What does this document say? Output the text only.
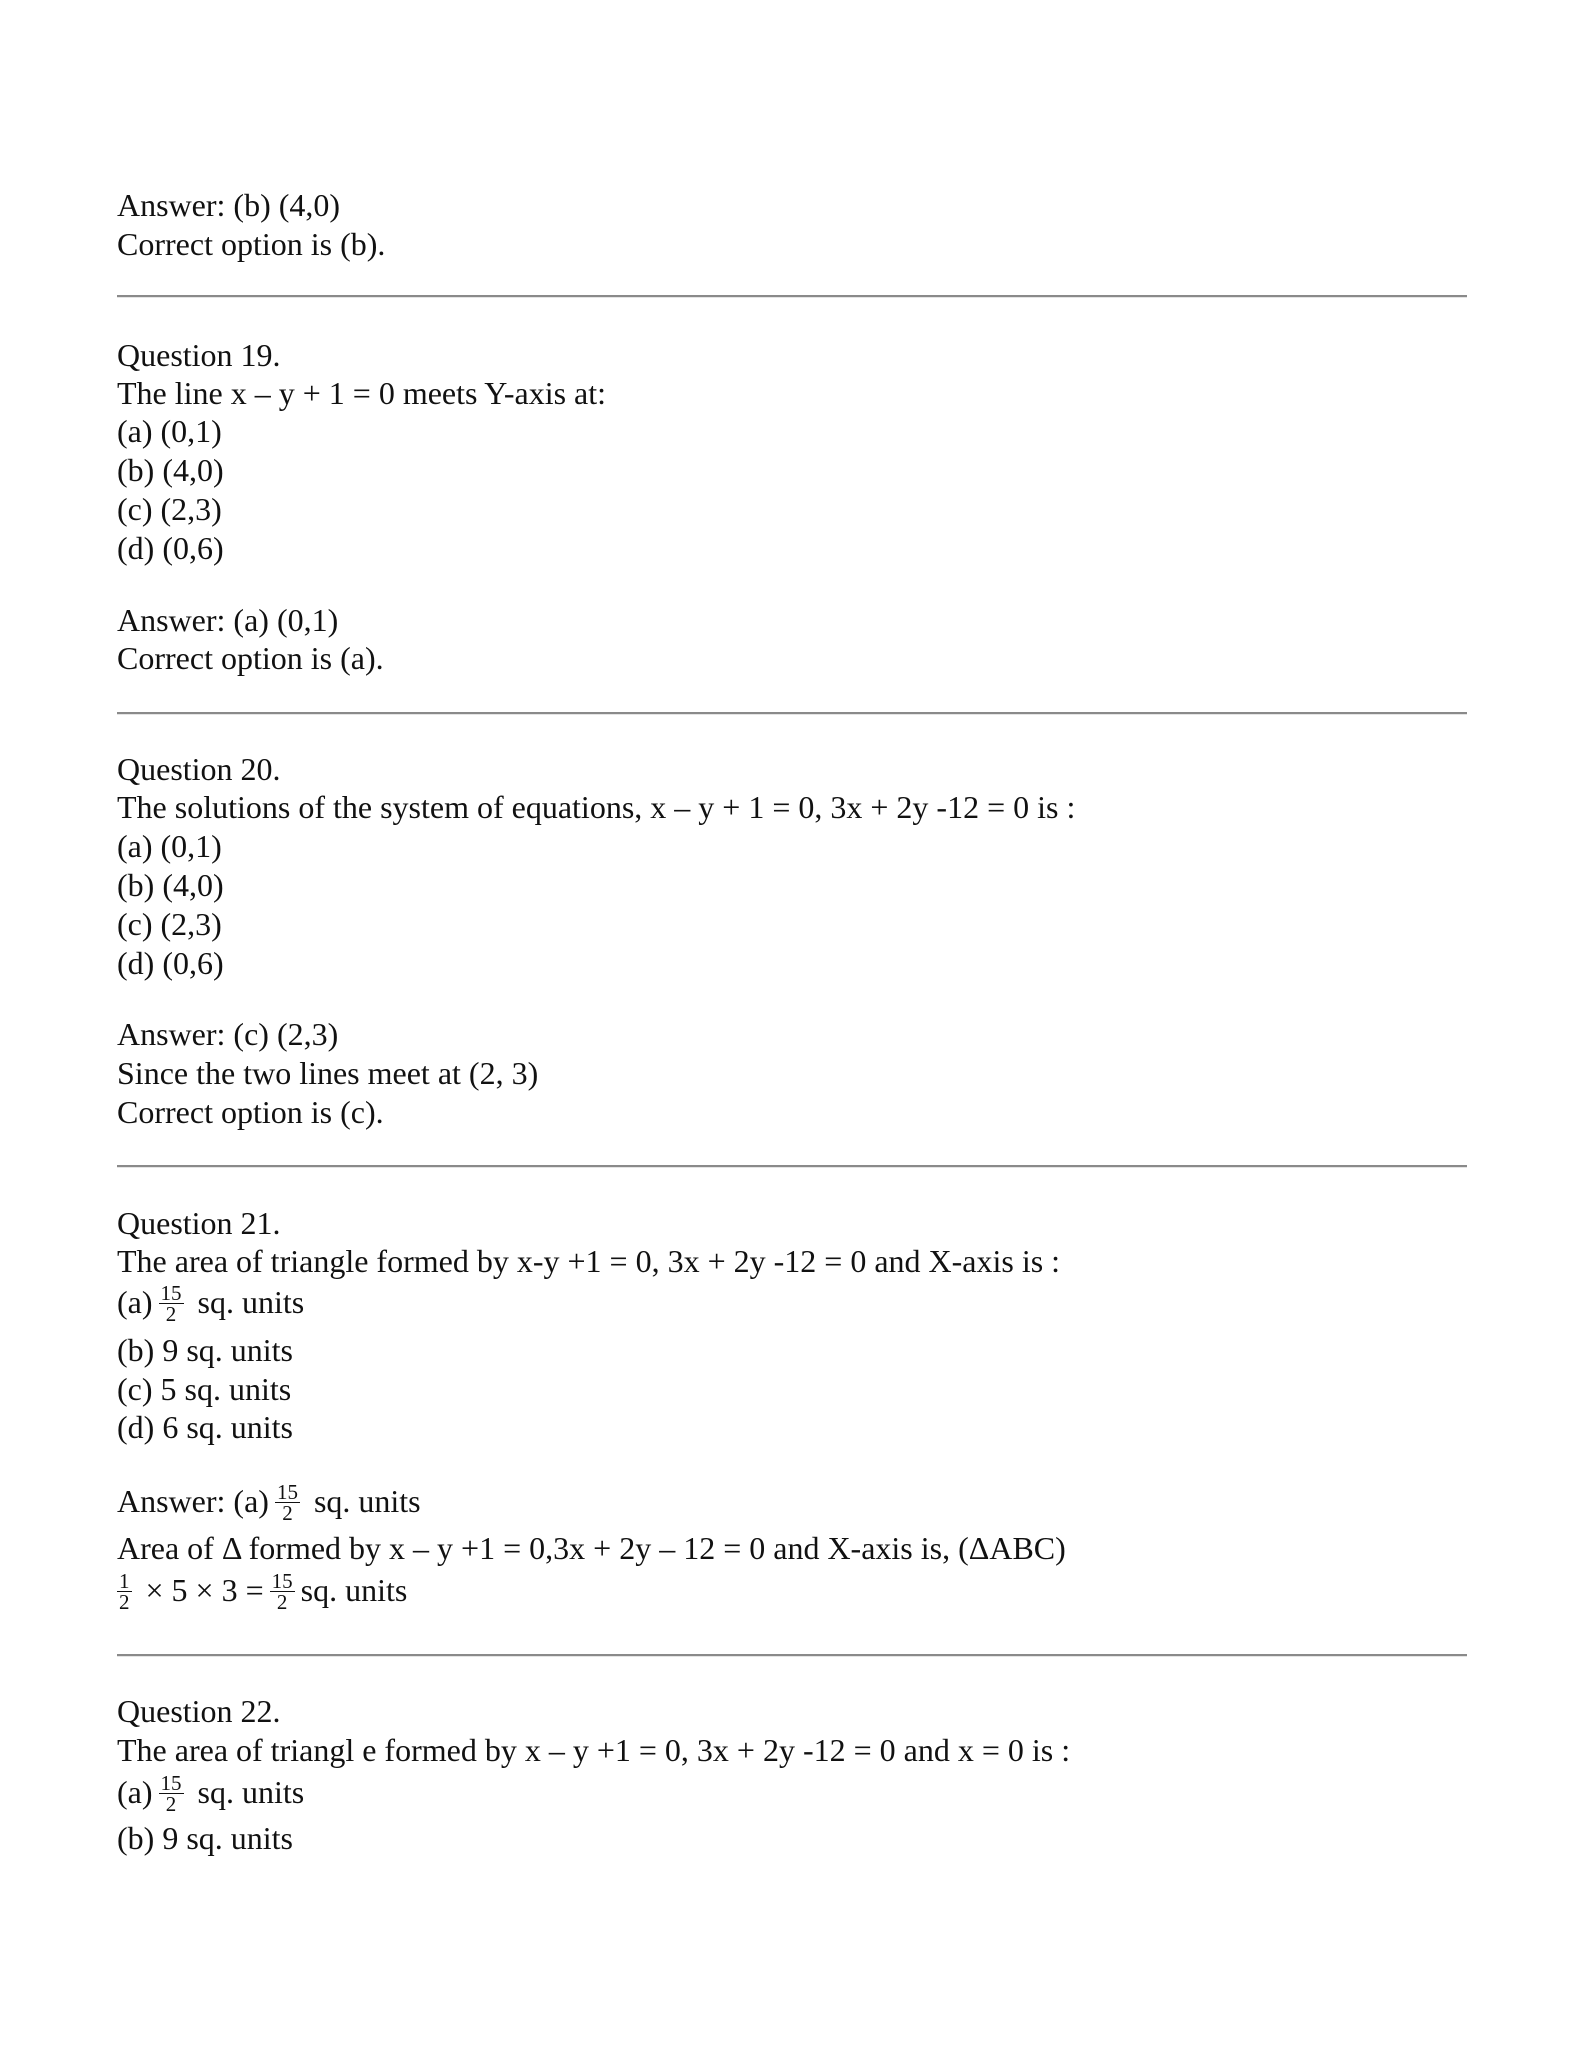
Answer: (b) (4,0)
Correct option is (b).
Question 19.
The line x – y + 1 = 0 meets Y-axis at:
(a) (0,1)
(b) (4,0)
(c) (2,3)
(d) (0,6)
Answer: (a) (0,1)
Correct option is (a).
Question 20.
The solutions of the system of equations, x – y + 1 = 0, 3x + 2y -12 = 0 is :
(a) (0,1)
(b) (4,0)
(c) (2,3)
(d) (0,6)
Answer: (c) (2,3)
Since the two lines meet at (2, 3)
Correct option is (c).
Question 21.
The area of triangle formed by x-y +1 = 0, 3x + 2y -12 = 0 and X-axis is :
$(a) \frac{15}{2}$ sq. units
(b) 9 sq. units
(c) 5 sq. units
(d) 6 sq. units
Answer: $(a) \frac{15}{2}$ sq. units
Area of Δ formed by x – y +1 = 0,3x + 2y – 12 = 0 and X-axis is, (ΔABC)
$\frac{1}{2} \times 5 \times 3 = \frac{15}{2}$ sq. units
Question 22.
The area of triangl e formed by x – y +1 = 0, 3x + 2y -12 = 0 and x = 0 is :
$(a) \frac{15}{2}$ sq. units
(b) 9 sq. units
